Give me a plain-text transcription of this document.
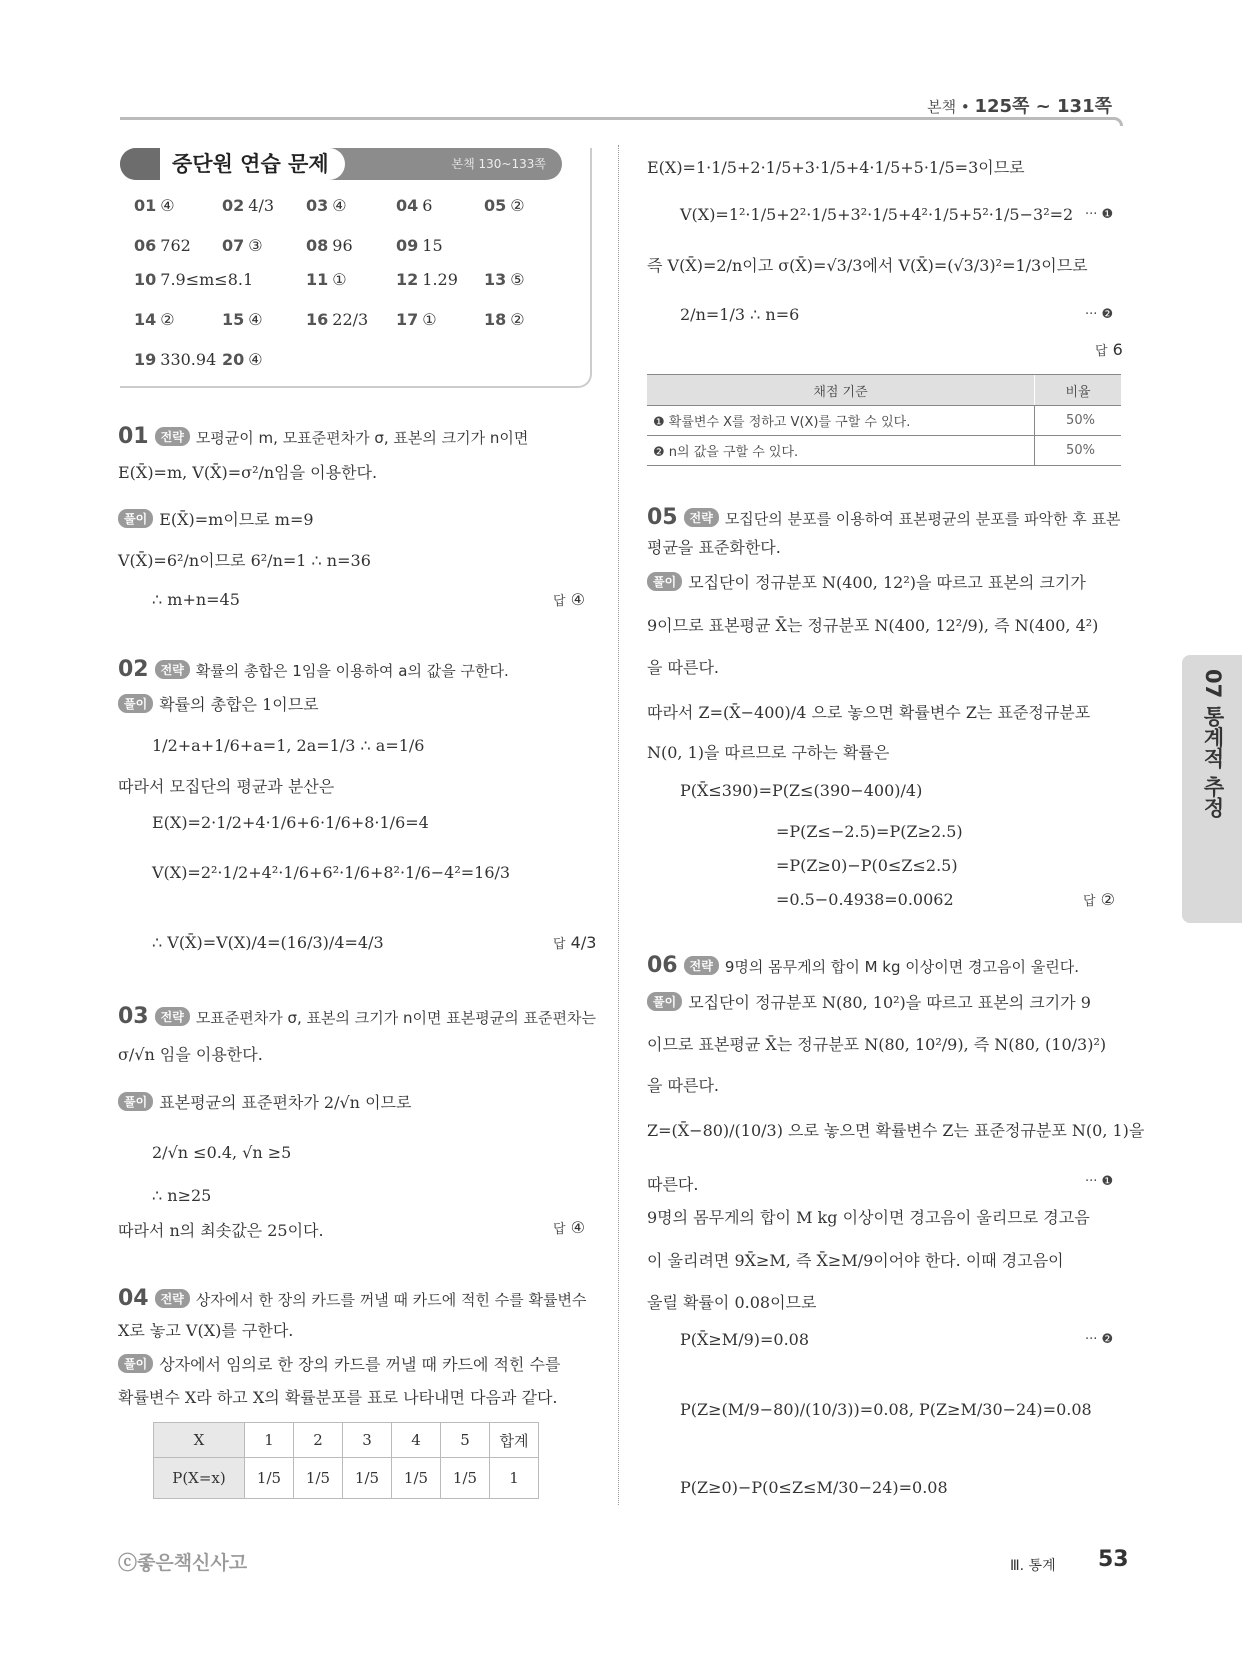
본책 • 125쪽 ~ 131쪽
07 통계적 추정
중단원 연습 문제	본책 130~133쪽
01 ④	02 4/3 03 ④	04 6	05 ②
06 762 07 ③	08 96	09 15
10 7.9≤m≤8.1	11 ①	12 1.29 13 ⑤
14 ②	15 ④	16 22/3 17 ①	18 ②
19 330.94 20 ④
01 전략 모평균이 m, 모표준편차가 σ, 표본의 크기가 n이면
E(X̄)=m, V(X̄)=σ²/n임을 이용한다.
풀이 E(X̄)=m이므로 m=9
V(X̄)=6²/n이므로 6²/n=1 ∴ n=36
∴ m+n=45	답 ④
02 전략 확률의 총합은 1임을 이용하여 a의 값을 구한다.
풀이 확률의 총합은 1이므로
1/2+a+1/6+a=1, 2a=1/3 ∴ a=1/6
따라서 모집단의 평균과 분산은
E(X)=2·1/2+4·1/6+6·1/6+8·1/6=4
V(X)=2²·1/2+4²·1/6+6²·1/6+8²·1/6−4²=16/3
∴ V(X̄)=V(X)/4=(16/3)/4=4/3	답 4/3
03 전략 모표준편차가 σ, 표본의 크기가 n이면 표본평균의 표준편차는
σ/√n 임을 이용한다.
풀이 표본평균의 표준편차가 2/√n 이므로
2/√n ≤0.4, √n ≥5
∴ n≥25
따라서 n의 최솟값은 25이다.	답 ④
04 전략 상자에서 한 장의 카드를 꺼낼 때 카드에 적힌 수를 확률변수
X로 놓고 V(X)를 구한다.
풀이 상자에서 임의로 한 장의 카드를 꺼낼 때 카드에 적힌 수를
확률변수 X라 하고 X의 확률분포를 표로 나타내면 다음과 같다.
X	1	2	3	4	5	합계
P(X=x)	1/5	1/5	1/5	1/5	1/5	1
E(X)=1·1/5+2·1/5+3·1/5+4·1/5+5·1/5=3이므로
V(X)=1²·1/5+2²·1/5+3²·1/5+4²·1/5+5²·1/5−3²=2 ··· ❶
즉 V(X̄)=2/n이고 σ(X̄)=√3/3에서 V(X̄)=(√3/3)²=1/3이므로
2/n=1/3 ∴ n=6	··· ❷
답 6
채점 기준	비율
❶ 확률변수 X를 정하고 V(X)를 구할 수 있다.	50%
❷ n의 값을 구할 수 있다.	50%
05 전략 모집단의 분포를 이용하여 표본평균의 분포를 파악한 후 표본
평균을 표준화한다.
풀이 모집단이 정규분포 N(400, 12²)을 따르고 표본의 크기가
9이므로 표본평균 X̄는 정규분포 N(400, 12²/9), 즉 N(400, 4²)
을 따른다.
따라서 Z=(X̄−400)/4 으로 놓으면 확률변수 Z는 표준정규분포
N(0, 1)을 따르므로 구하는 확률은
P(X̄≤390)=P(Z≤(390−400)/4)
=P(Z≤−2.5)=P(Z≥2.5)
=P(Z≥0)−P(0≤Z≤2.5)
=0.5−0.4938=0.0062	답 ②
06 전략 9명의 몸무게의 합이 M kg 이상이면 경고음이 울린다.
풀이 모집단이 정규분포 N(80, 10²)을 따르고 표본의 크기가 9
이므로 표본평균 X̄는 정규분포 N(80, 10²/9), 즉 N(80, (10/3)²)
을 따른다.
Z=(X̄−80)/(10/3) 으로 놓으면 확률변수 Z는 표준정규분포 N(0, 1)을
따른다.	··· ❶
9명의 몸무게의 합이 M kg 이상이면 경고음이 울리므로 경고음
이 울리려면 9X̄≥M, 즉 X̄≥M/9이어야 한다. 이때 경고음이
울릴 확률이 0.08이므로
P(X̄≥M/9)=0.08	··· ❷
P(Z≥(M/9−80)/(10/3))=0.08, P(Z≥M/30−24)=0.08
P(Z≥0)−P(0≤Z≤M/30−24)=0.08
ⓒ좋은책신사고	Ⅲ. 통계 53
